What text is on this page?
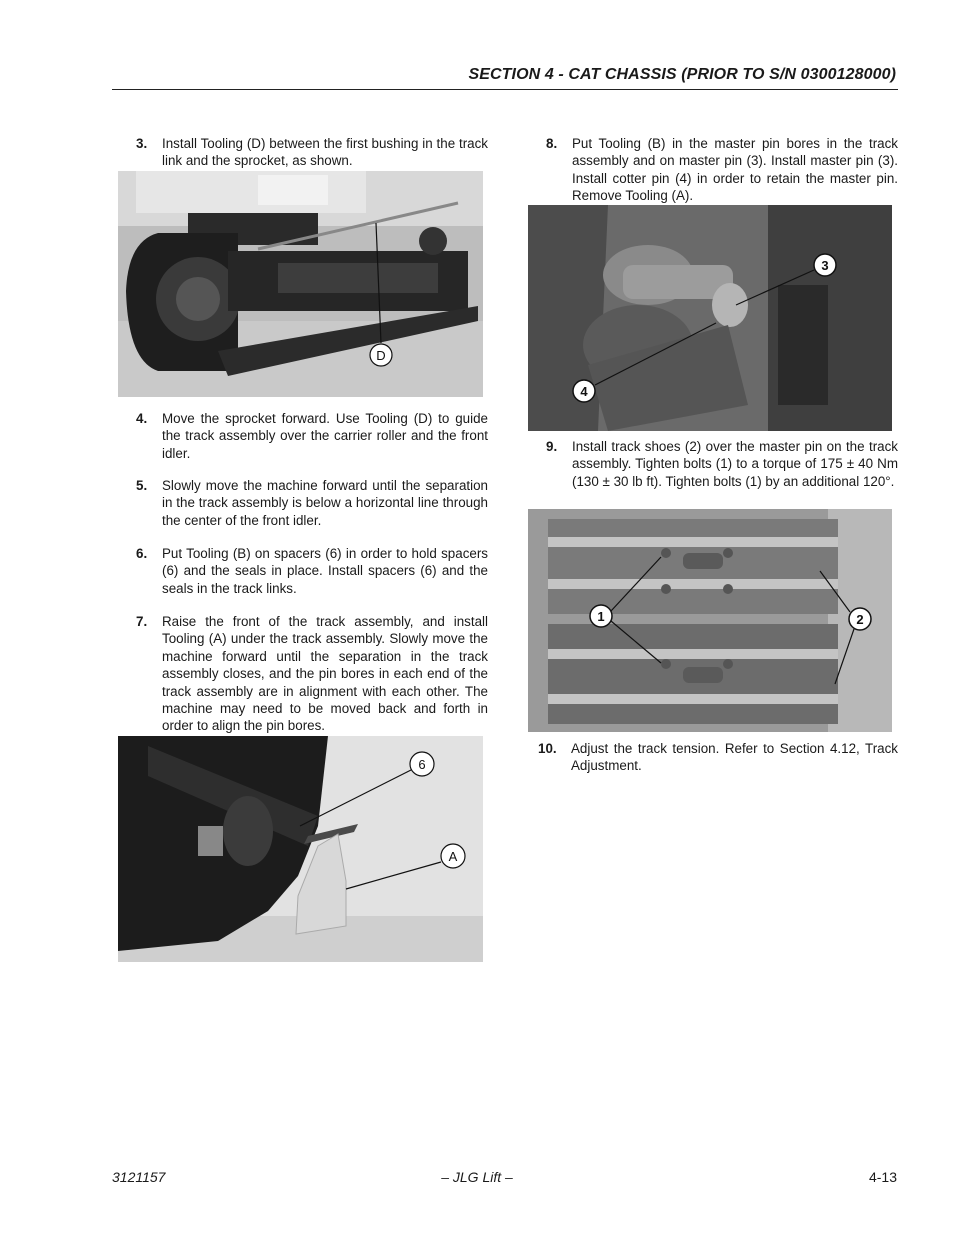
SECTION 4 - CAT CHASSIS (PRIOR TO S/N 0300128000)
3. Install Tooling (D) between the first bushing in the track link and the sprocket, as shown.
D
4. Move the sprocket forward. Use Tooling (D) to guide the track assembly over the carrier roller and the front idler.
5. Slowly move the machine forward until the separation in the track assembly is below a horizontal line through the center of the front idler.
6. Put Tooling (B) on spacers (6) in order to hold spacers (6) and the seals in place. Install spacers (6) and the seals in the track links.
7. Raise the front of the track assembly, and install Tooling (A) under the track assembly. Slowly move the machine forward until the separation in the track assembly closes, and the pin bores in each end of the track assembly are in alignment with each other. The machine may need to be moved back and forth in order to align the pin bores.
6
A
8. Put Tooling (B) in the master pin bores in the track assembly and on master pin (3). Install master pin (3). Install cotter pin (4) in order to retain the master pin. Remove Tooling (A).
3
4
9. Install track shoes (2) over the master pin on the track assembly. Tighten bolts (1) to a torque of 175 ± 40 Nm (130 ± 30 lb ft). Tighten bolts (1) by an additional 120°.
1	2
10. Adjust the track tension. Refer to Section 4.12, Track Adjustment.
3121157	– JLG Lift –	4-13
